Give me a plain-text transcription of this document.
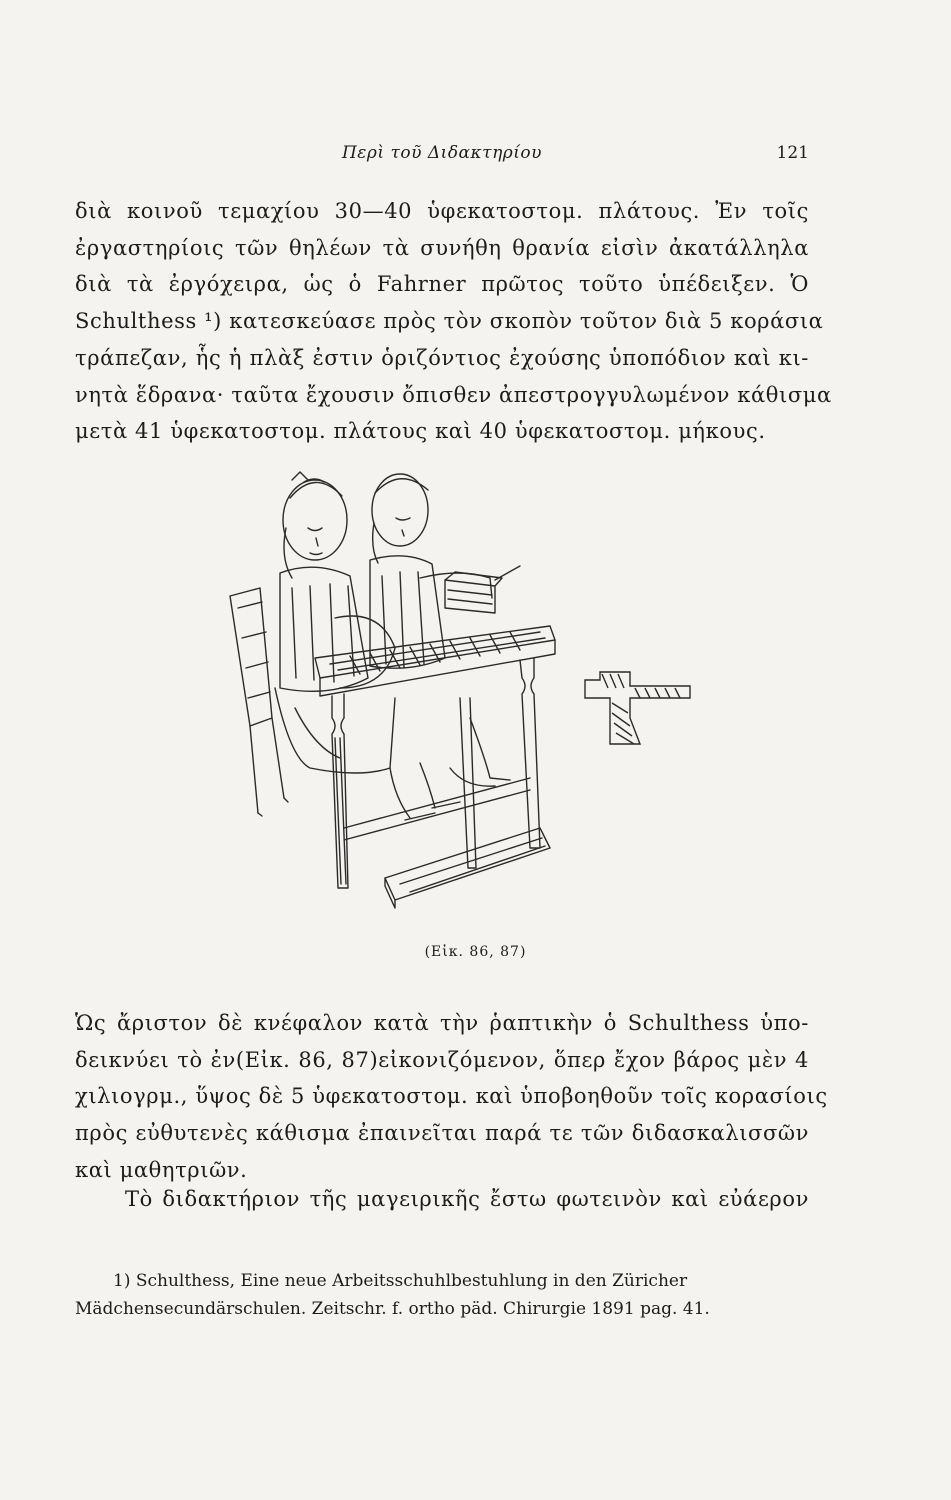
Περὶ τοῦ Διδακτηρίου	121
διὰ κοινοῦ τεμαχίου 30—40 ὑφεκατοστομ. πλάτους. Ἐν τοῖς
ἐργαστηρίοις τῶν θηλέων τὰ συνήθη θρανία εἰσὶν ἀκατάλληλα
διὰ τὰ ἐργόχειρα, ὡς ὁ Fahrner πρῶτος τοῦτο ὑπέδειξεν. Ὁ
Schulthess ¹) κατεσκεύασε πρὸς τὸν σκοπὸν τοῦτον διὰ 5 κοράσια
τράπεζαν, ἧς ἡ πλὰξ ἐστιν ὁριζόντιος ἐχούσης ὑποπόδιον καὶ κι-
νητὰ ἕδρανα· ταῦτα ἔχουσιν ὄπισθεν ἀπεστρογγυλωμένον κάθισμα
μετὰ 41 ὑφεκατοστομ. πλάτους καὶ 40 ὑφεκατοστομ. μήκους.
(Εἰκ. 86, 87)
Ὡς ἄριστον δὲ κνέφαλον κατὰ τὴν ῥαπτικὴν ὁ Schulthess ὑπο-
δεικνύει τὸ ἐν(Εἰκ. 86, 87)εἰκονιζόμενον, ὅπερ ἔχον βάρος μὲν 4
χιλιογρμ., ὕψος δὲ 5 ὑφεκατοστομ. καὶ ὑποβοηθοῦν τοῖς κορασίοις
πρὸς εὐθυτενὲς κάθισμα ἐπαινεῖται παρά τε τῶν διδασκαλισσῶν
καὶ μαθητριῶν.
Τὸ διδακτήριον τῆς μαγειρικῆς ἔστω φωτεινὸν καὶ εὐάερον
1) Schulthess, Eine neue Arbeitsschuhlbestuhlung in den Züricher
Mädchensecundärschulen. Zeitschr. f. ortho päd. Chirurgie 1891 pag. 41.
